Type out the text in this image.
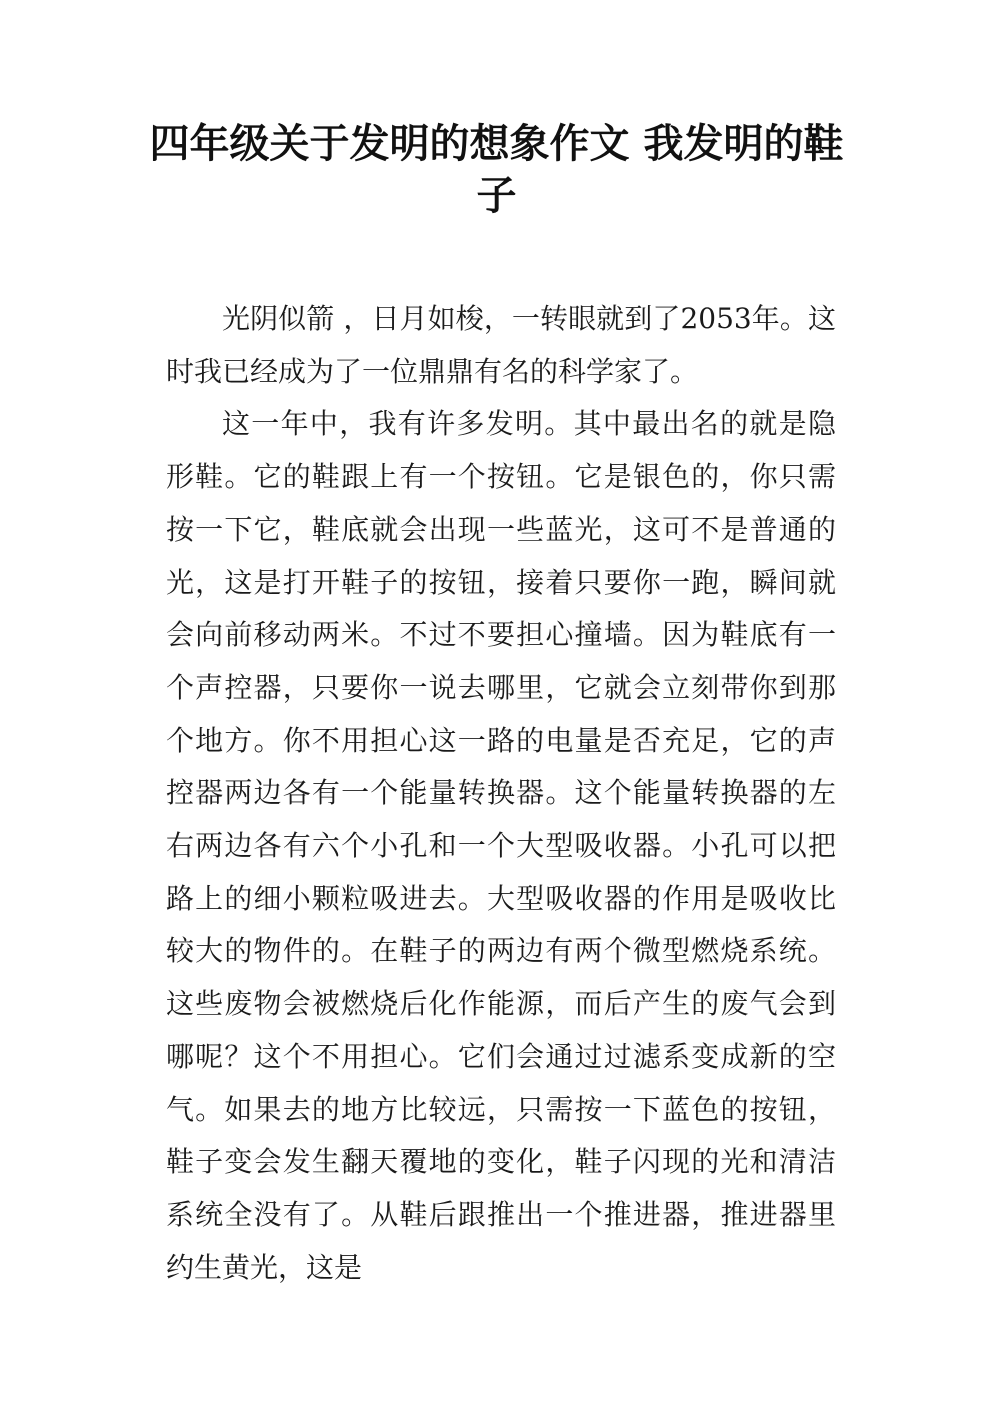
四年级关于发明的想象作文 我发明的鞋子

光阴似箭 ，日月如梭，一转眼就到了2053年。这时我已经成为了一位鼎鼎有名的科学家了。

这一年中，我有许多发明。其中最出名的就是隐形鞋。它的鞋跟上有一个按钮。它是银色的，你只需按一下它，鞋底就会出现一些蓝光，这可不是普通的光，这是打开鞋子的按钮，接着只要你一跑，瞬间就会向前移动两米。不过不要担心撞墙。因为鞋底有一个声控器，只要你一说去哪里，它就会立刻带你到那个地方。你不用担心这一路的电量是否充足，它的声控器两边各有一个能量转换器。这个能量转换器的左右两边各有六个小孔和一个大型吸收器。小孔可以把路上的细小颗粒吸进去。大型吸收器的作用是吸收比较大的物件的。在鞋子的两边有两个微型燃烧系统。这些废物会被燃烧后化作能源，而后产生的废气会到哪呢？这个不用担心。它们会通过过滤系变成新的空气。如果去的地方比较远，只需按一下蓝色的按钮，鞋子变会发生翻天覆地的变化，鞋子闪现的光和清洁系统全没有了。从鞋后跟推出一个推进器，推进器里约生黄光，这是
